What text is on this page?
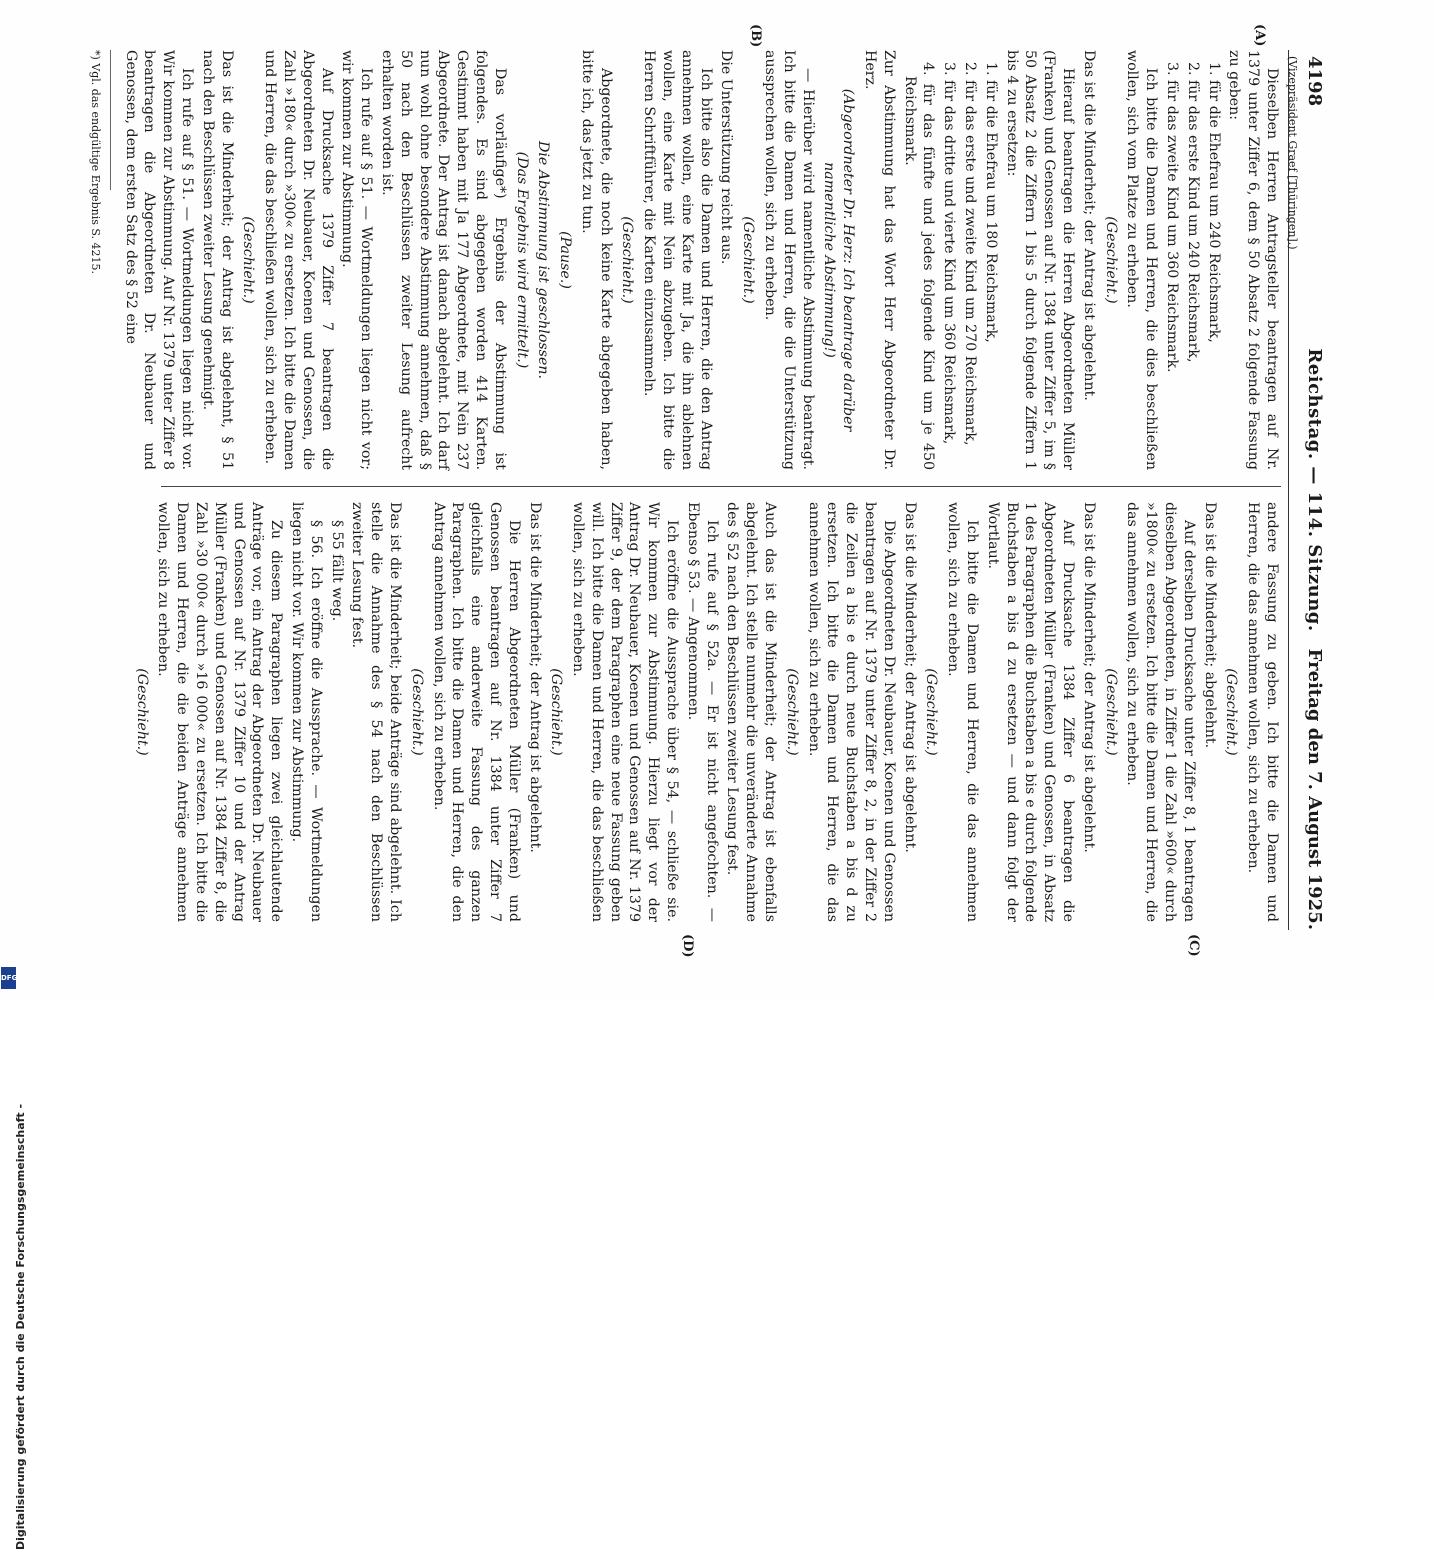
4198
Reichstag. — 114. Sitzung.
Freitag den 7. August 1925.
(Vizepräsident Graef [Thüringen].)
(A)
(B)
(C)
(D)

Dieselben Herren Antragsteller beantragen auf Nr. 1379 unter Ziffer 6, dem § 50 Absatz 2 folgende Fassung zu geben:

1. für die Ehefrau um 240 Reichsmark,

2. für das erste Kind um 240 Reichsmark,

3. für das zweite Kind um 360 Reichsmark.

Ich bitte die Damen und Herren, die dies beschließen wollen, sich vom Platze zu erheben.

(Geschieht.)

Das ist die Minderheit; der Antrag ist abgelehnt.

Hierauf beantragen die Herren Abgeordneten Müller (Franken) und Genossen auf Nr. 1384 unter Ziffer 5, im § 50 Absatz 2 die Ziffern 1 bis 5 durch folgende Ziffern 1 bis 4 zu ersetzen:

1. für die Ehefrau um 180 Reichsmark,

2. für das erste und zweite Kind um 270 Reichsmark,

3. für das dritte und vierte Kind um 360 Reichsmark,

4. für das fünfte und jedes folgende Kind um je 450 Reichsmark.

Zur Abstimmung hat das Wort Herr Abgeordneter Dr. Herz.

(Abgeordneter Dr. Herz: Ich beantrage darüber namentliche Abstimmung!)

— Hierüber wird namentliche Abstimmung beantragt. Ich bitte die Damen und Herren, die die Unterstützung aussprechen wollen, sich zu erheben.

(Geschieht.)

Die Unterstützung reicht aus.

Ich bitte also die Damen und Herren, die den Antrag annehmen wollen, eine Karte mit Ja, die ihn ablehnen wollen, eine Karte mit Nein abzugeben. Ich bitte die Herren Schriftführer, die Karten einzusammeln.

(Geschieht.)

Abgeordnete, die noch keine Karte abgegeben haben, bitte ich, das jetzt zu tun.

(Pause.)

Die Abstimmung ist geschlossen.

(Das Ergebnis wird ermittelt.)

Das vorläufige*) Ergebnis der Abstimmung ist folgendes. Es sind abgegeben worden 414 Karten. Gestimmt haben mit Ja 177 Abgeordnete, mit Nein 237 Abgeordnete. Der Antrag ist danach abgelehnt. Ich darf nun wohl ohne besondere Abstimmung annehmen, daß § 50 nach den Beschlüssen zweiter Lesung aufrecht erhalten worden ist.

Ich rufe auf § 51. — Wortmeldungen liegen nicht vor; wir kommen zur Abstimmung.

Auf Drucksache 1379 Ziffer 7 beantragen die Abgeordneten Dr. Neubauer, Koenen und Genossen, die Zahl »180« durch »300« zu ersetzen. Ich bitte die Damen und Herren, die das beschließen wollen, sich zu erheben.

(Geschieht.)

Das ist die Minderheit; der Antrag ist abgelehnt, § 51 nach den Beschlüssen zweiter Lesung genehmigt.

Ich rufe auf § 51. — Wortmeldungen liegen nicht vor. Wir kommen zur Abstimmung. Auf Nr. 1379 unter Ziffer 8 beantragen die Abgeordneten Dr. Neubauer und Genossen, dem ersten Satz des § 52 eine

*) Vgl. das endgültige Ergebnis S. 4215.

andere Fassung zu geben. Ich bitte die Damen und Herren, die das annehmen wollen, sich zu erheben.

(Geschieht.)

Das ist die Minderheit; abgelehnt.

Auf derselben Drucksache unter Ziffer 8, 1 beantragen dieselben Abgeordneten, in Ziffer 1 die Zahl »600« durch »1800« zu ersetzen. Ich bitte die Damen und Herren, die das annehmen wollen, sich zu erheben.

(Geschieht.)

Das ist die Minderheit; der Antrag ist abgelehnt.

Auf Drucksache 1384 Ziffer 6 beantragen die Abgeordneten Müller (Franken) und Genossen, in Absatz 1 des Paragraphen die Buchstaben a bis e durch folgende Buchstaben a bis d zu ersetzen — und dann folgt der Wortlaut.

Ich bitte die Damen und Herren, die das annehmen wollen, sich zu erheben.

(Geschieht.)

Das ist die Minderheit; der Antrag ist abgelehnt.

Die Abgeordneten Dr. Neubauer, Koenen und Genossen beantragen auf Nr. 1379 unter Ziffer 8, 2, in der Ziffer 2 die Zeilen a bis e durch neue Buchstaben a bis d zu ersetzen. Ich bitte die Damen und Herren, die das annehmen wollen, sich zu erheben.

(Geschieht.)

Auch das ist die Minderheit; der Antrag ist ebenfalls abgelehnt. Ich stelle nunmehr die unveränderte Annahme des § 52 nach den Beschlüssen zweiter Lesung fest.

Ich rufe auf § 52a. — Er ist nicht angefochten. — Ebenso § 53. — Angenommen.

Ich eröffne die Aussprache über § 54, — schließe sie. Wir kommen zur Abstimmung. Hierzu liegt vor der Antrag Dr. Neubauer, Koenen und Genossen auf Nr. 1379 Ziffer 9, der dem Paragraphen eine neue Fassung geben will. Ich bitte die Damen und Herren, die das beschließen wollen, sich zu erheben.

(Geschieht.)

Das ist die Minderheit; der Antrag ist abgelehnt.

Die Herren Abgeordneten Müller (Franken) und Genossen beantragen auf Nr. 1384 unter Ziffer 7 gleichfalls eine anderweite Fassung des ganzen Paragraphen. Ich bitte die Damen und Herren, die den Antrag annehmen wollen, sich zu erheben.

(Geschieht.)

Das ist die Minderheit; beide Anträge sind abgelehnt. Ich stelle die Annahme des § 54 nach den Beschlüssen zweiter Lesung fest.

§ 55 fällt weg.

§ 56. Ich eröffne die Aussprache. — Wortmeldungen liegen nicht vor. Wir kommen zur Abstimmung.

Zu diesem Paragraphen liegen zwei gleichlautende Anträge vor, ein Antrag der Abgeordneten Dr. Neubauer und Genossen auf Nr. 1379 Ziffer 10 und der Antrag Müller (Franken) und Genossen auf Nr. 1384 Ziffer 8, die Zahl »30 000« durch »16 000« zu ersetzen. Ich bitte die Damen und Herren, die die beiden Anträge annehmen wollen, sich zu erheben.

(Geschieht.)

Digitalisierung gefördert durch die Deutsche Forschungsgemeinschaft -
DFG
